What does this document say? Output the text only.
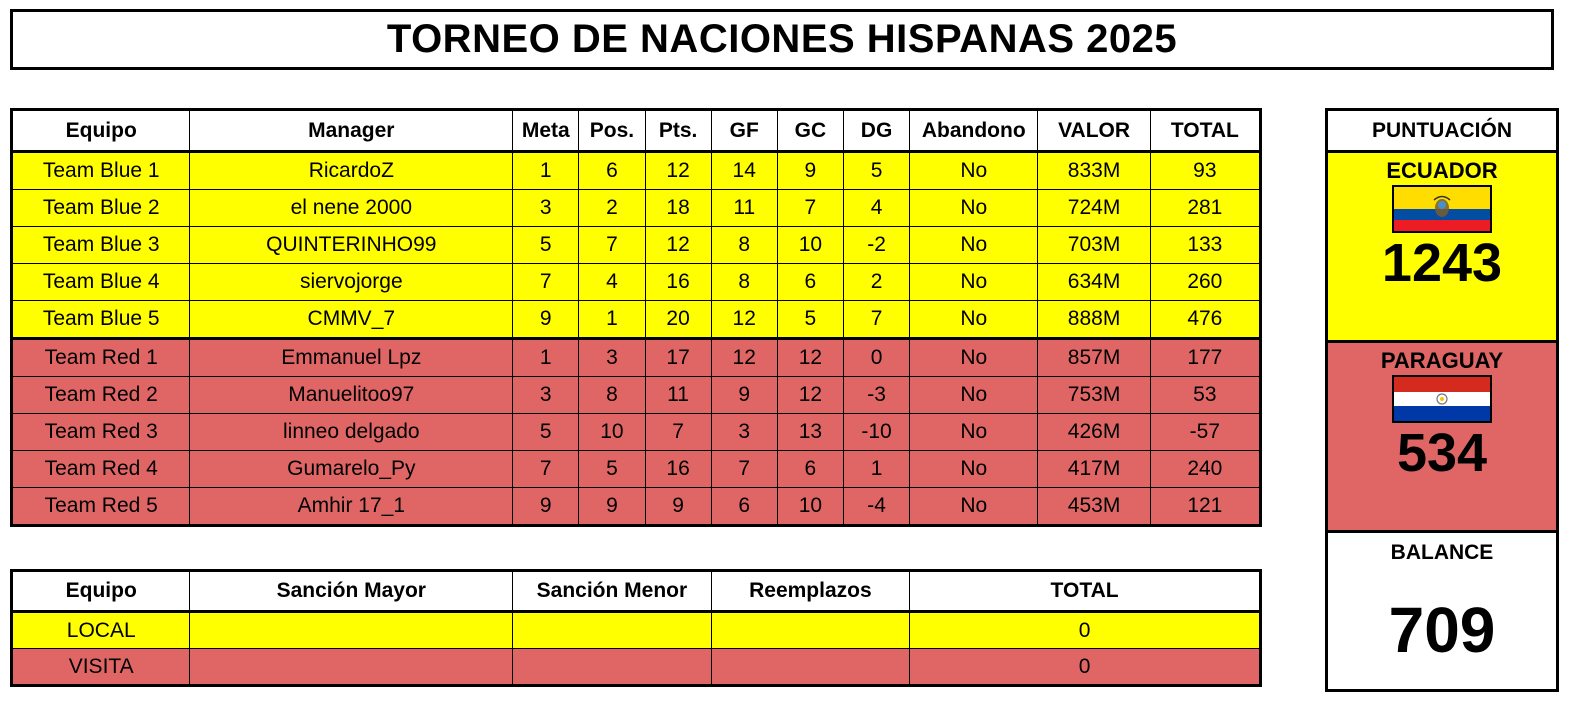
TORNEO DE NACIONES HISPANAS 2025
Equipo	Manager	Meta	Pos.	Pts.	GF	GC	DG	Abandono	VALOR	TOTAL
Team Blue 1	RicardoZ	1	6	12	14	9	5	No	833M	93
Team Blue 2	el nene 2000	3	2	18	11	7	4	No	724M	281
Team Blue 3	QUINTERINHO99	5	7	12	8	10	-2	No	703M	133
Team Blue 4	siervojorge	7	4	16	8	6	2	No	634M	260
Team Blue 5	CMMV_7	9	1	20	12	5	7	No	888M	476
Team Red 1	Emmanuel Lpz	1	3	17	12	12	0	No	857M	177
Team Red 2	Manuelitoo97	3	8	11	9	12	-3	No	753M	53
Team Red 3	linneo delgado	5	10	7	3	13	-10	No	426M	-57
Team Red 4	Gumarelo_Py	7	5	16	7	6	1	No	417M	240
Team Red 5	Amhir 17_1	9	9	9	6	10	-4	No	453M	121
Equipo	Sanción Mayor	Sanción Menor	Reemplazos	TOTAL
LOCAL				0
VISITA				0
PUNTUACIÓN
ECUADOR
1243
PARAGUAY
534
BALANCE
709
